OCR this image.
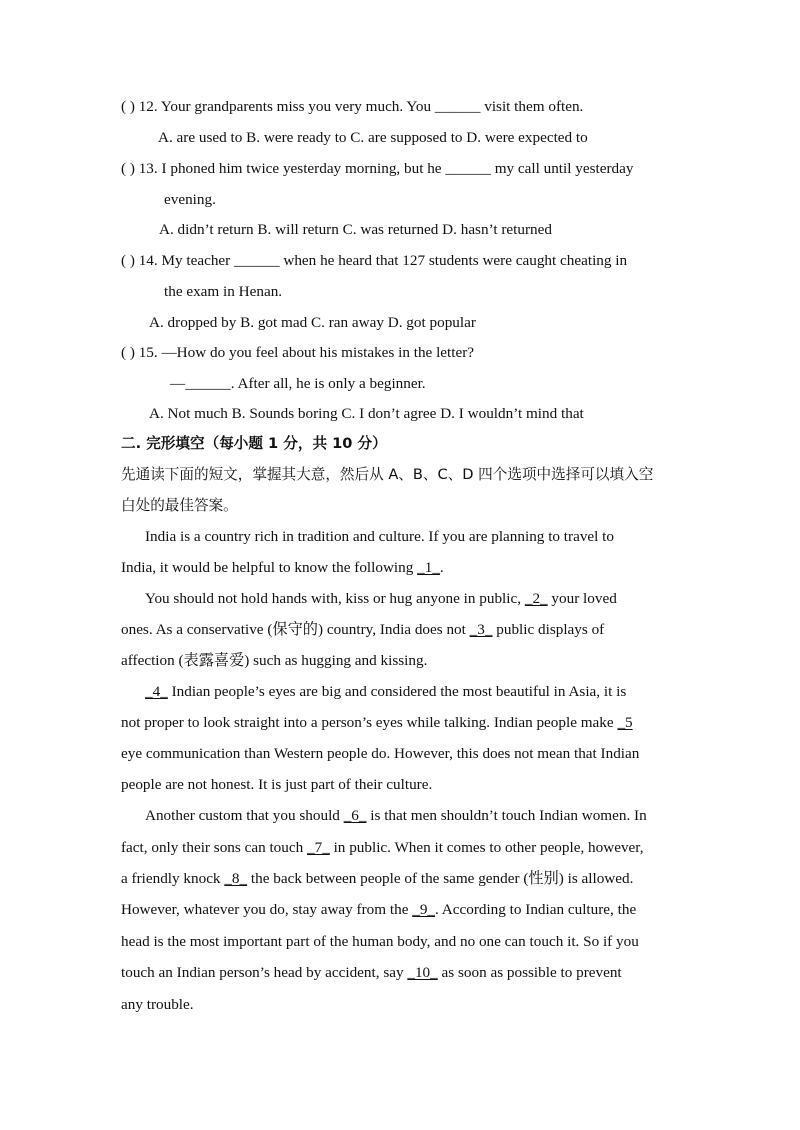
( ) 12. Your grandparents miss you very much. You ______ visit them often.
A. are used to B. were ready to C. are supposed to D. were expected to
( ) 13. I phoned him twice yesterday morning, but he ______ my call until yesterday
evening.
A. didn’t return B. will return C. was returned D. hasn’t returned
( ) 14. My teacher ______ when he heard that 127 students were caught cheating in
the exam in Henan.
A. dropped by B. got mad C. ran away D. got popular
( ) 15. —How do you feel about his mistakes in the letter?
—______. After all, he is only a beginner.
A. Not much B. Sounds boring C. I don’t agree D. I wouldn’t mind that
二. 完形填空（每小题 1 分，共 10 分）
先通读下面的短文，掌握其大意，然后从 A、B、C、D 四个选项中选择可以填入空
白处的最佳答案。
India is a country rich in tradition and culture. If you are planning to travel to
India, it would be helpful to know the following _1_.
You should not hold hands with, kiss or hug anyone in public, _2_ your loved
ones. As a conservative (保守的) country, India does not _3_ public displays of
affection (表露喜爱) such as hugging and kissing.
_4_ Indian people’s eyes are big and considered the most beautiful in Asia, it is
not proper to look straight into a person’s eyes while talking. Indian people make _5
eye communication than Western people do. However, this does not mean that Indian
people are not honest. It is just part of their culture.
Another custom that you should _6_ is that men shouldn’t touch Indian women. In
fact, only their sons can touch _7_ in public. When it comes to other people, however,
a friendly knock _8_ the back between people of the same gender (性别) is allowed.
However, whatever you do, stay away from the _9_. According to Indian culture, the
head is the most important part of the human body, and no one can touch it. So if you
touch an Indian person’s head by accident, say _10_ as soon as possible to prevent
any trouble.
